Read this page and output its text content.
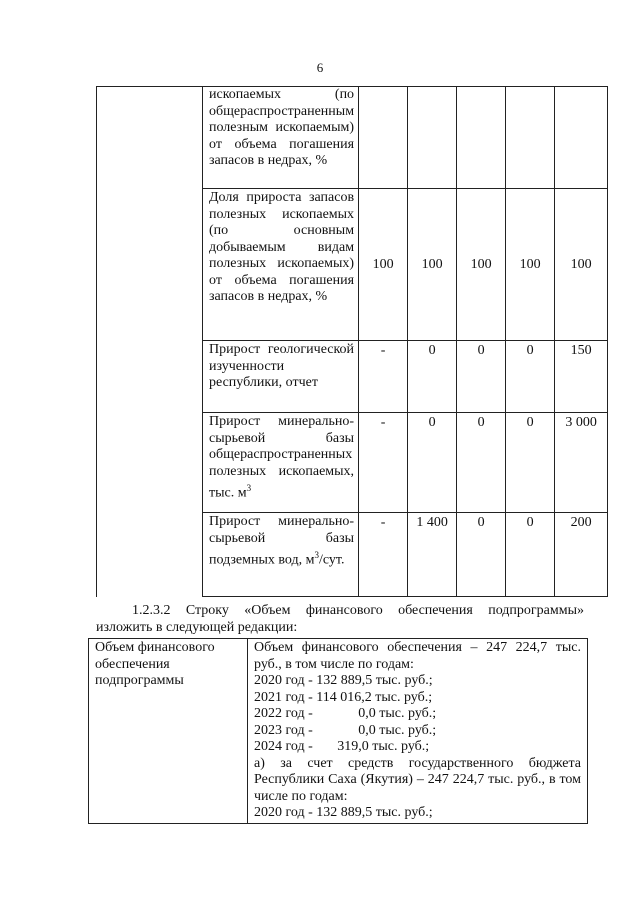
6
	ископаемых (по общераспространенным полезным ископаемым) от объема погашения запасов в недрах, %					
	Доля прироста запасов полезных ископаемых (по основным добываемым видам полезных ископаемых) от объема погашения запасов в недрах, %	100	100	100	100	100
	Прирост геологической изученности республики, отчет	-	0	0	0	150
	Прирост минерально-сырьевой базы общераспространенных полезных ископаемых, тыс. $м^3$	-	0	0	0	3 000
	Прирост минерально-сырьевой базы подземных вод, $м^3$/сут.	-	1 400	0	0	200
1.2.3.2 Строку «Объем финансового обеспечения подпрограммы» изложить в следующей редакции:
Объем финансового обеспечения подпрограммы	
Объем финансового обеспечения – 247 224,7 тыс. руб., в том числе по годам:
2020 год - 132 889,5 тыс. руб.;
2021 год - 114 016,2 тыс. руб.;
2022 год -             0,0 тыс. руб.;
2023 год -             0,0 тыс. руб.;
2024 год -       319,0 тыс. руб.;
а) за счет средств государственного бюджета Республики Саха (Якутия) – 247 224,7 тыс. руб., в том числе по годам:
2020 год - 132 889,5 тыс. руб.;
